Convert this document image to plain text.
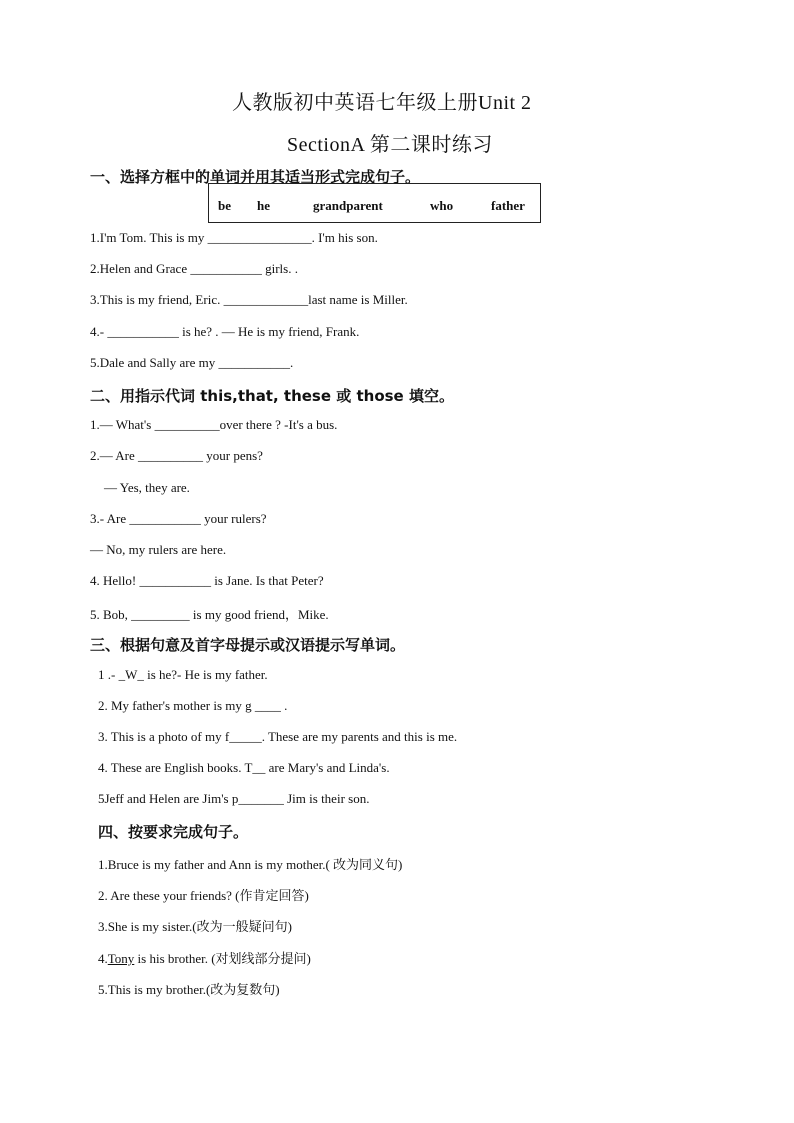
人教版初中英语七年级上册Unit 2
SectionA 第二课时练习
一、选择方框中的单词并用其适当形式完成句子。
be he	grandparent	who	father
1.I'm Tom. This is my ________________. I'm his son.
2.Helen and Grace ___________ girls. .
3.This is my friend, Eric. _____________last name is Miller.
4.- ___________ is he? . — He is my friend, Frank.
5.Dale and Sally are my ___________.
二、用指示代词 this,that, these 或 those 填空。
1.— What's __________over there ? -It's a bus.
2.— Are __________ your pens?
— Yes, they are.
3.- Are ___________ your rulers?
— No, my rulers are here.
4. Hello! ___________ is Jane. Is that Peter?
5. Bob, _________ is my good friend，Mike.
三、根据句意及首字母提示或汉语提示写单词。
1 .- _W_ is he?- He is my father.
2. My father's mother is my g ____ .
3. This is a photo of my f_____. These are my parents and this is me.
4. These are English books. T__ are Mary's and Linda's.
5Jeff and Helen are Jim's p_______ Jim is their son.
四、按要求完成句子。
1.Bruce is my father and Ann is my mother.( 改为同义句)
2. Are these your friends? (作肯定回答)
3.She is my sister.(改为一般疑问句)
4.Tony is his brother. (对划线部分提问)
5.This is my brother.(改为复数句)
